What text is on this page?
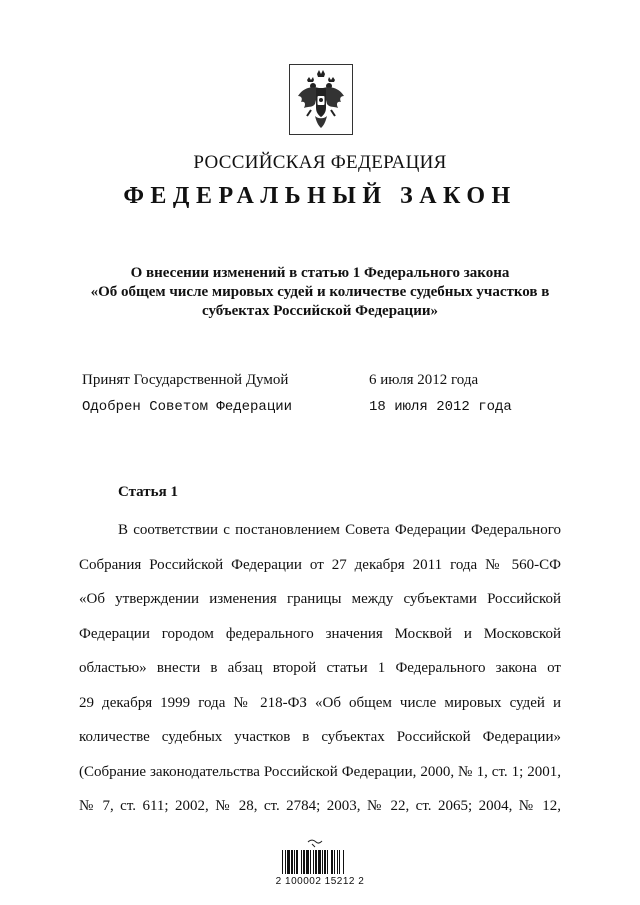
РОССИЙСКАЯ ФЕДЕРАЦИЯ
ФЕДЕРАЛЬНЫЙ ЗАКОН
О внесении изменений в статью 1 Федерального закона
«Об общем числе мировых судей и количестве судебных участков в
субъектах Российской Федерации»
Принят Государственной Думой	6 июля 2012 года
Одобрен Советом Федерации	18 июля 2012 года
Статья 1
В соответствии с постановлением Совета Федерации Федерального
Собрания Российской Федерации от 27 декабря 2011 года № 560-СФ
«Об утверждении изменения границы между субъектами Российской
Федерации городом федерального значения Москвой и Московской
областью» внести в абзац второй статьи 1 Федерального закона от
29 декабря 1999 года № 218-ФЗ «Об общем числе мировых судей и
количестве судебных участков в субъектах Российской Федерации»
(Собрание законодательства Российской Федерации, 2000, № 1, ст. 1; 2001,
№ 7, ст. 611; 2002, № 28, ст. 2784; 2003, № 22, ст. 2065; 2004, № 12,
2 100002 15212 2
